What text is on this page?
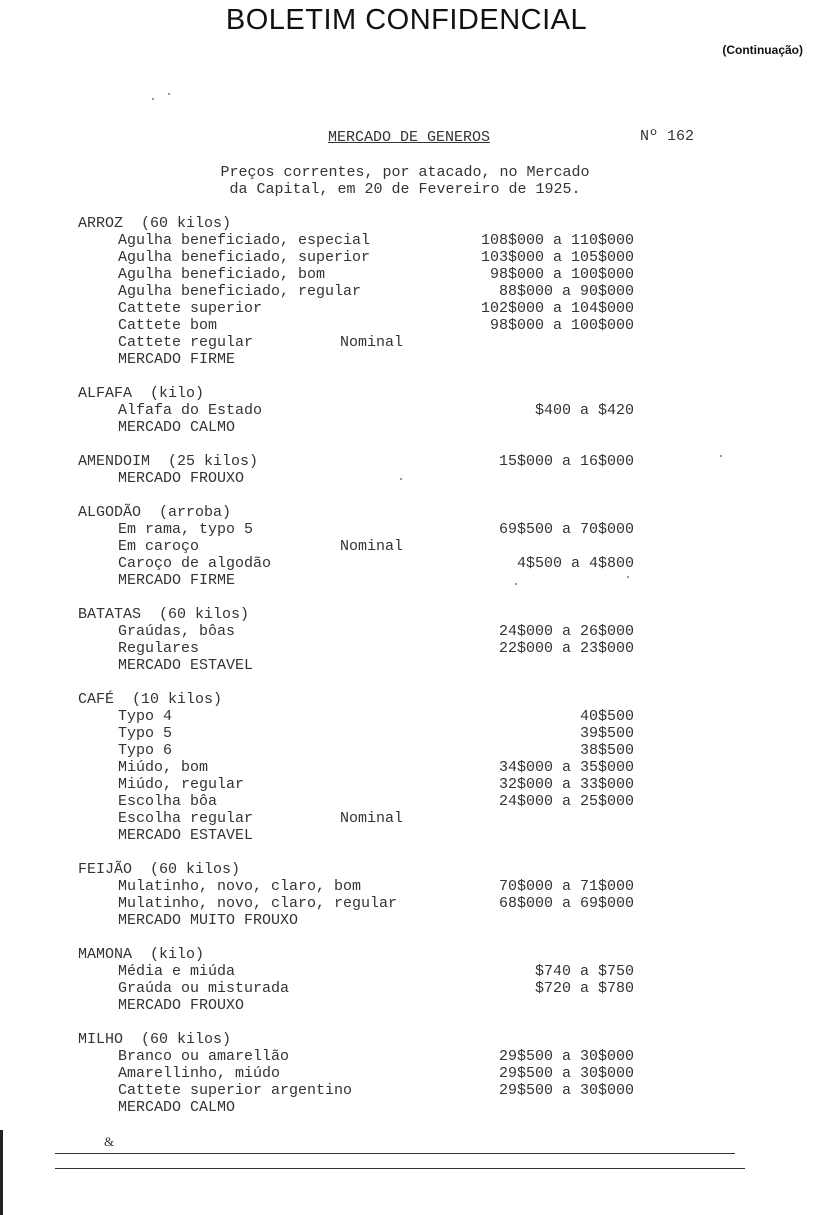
BOLETIM CONFIDENCIAL
(Continuação)
MERCADO DE GENEROS	Nº 162
Preços correntes, por atacado, no Mercado
da Capital, em 20 de Fevereiro de 1925.
ARROZ  (60 kilos)
Agulha beneficiado, especial	108$000 a 110$000
Agulha beneficiado, superior	103$000 a 105$000
Agulha beneficiado, bom	98$000 a 100$000
Agulha beneficiado, regular	88$000 a 90$000
Cattete superior	102$000 a 104$000
Cattete bom	98$000 a 100$000
Cattete regular	Nominal
MERCADO FIRME
ALFAFA  (kilo)
Alfafa do Estado	$400 a $420
MERCADO CALMO
AMENDOIM  (25 kilos)	15$000 a 16$000
MERCADO FROUXO
ALGODÃO  (arroba)
Em rama, typo 5	69$500 a 70$000
Em caroço	Nominal
Caroço de algodão	4$500 a 4$800
MERCADO FIRME
BATATAS  (60 kilos)
Graúdas, bôas	24$000 a 26$000
Regulares	22$000 a 23$000
MERCADO ESTAVEL
CAFÉ  (10 kilos)
Typo 4	40$500
Typo 5	39$500
Typo 6	38$500
Miúdo, bom	34$000 a 35$000
Miúdo, regular	32$000 a 33$000
Escolha bôa	24$000 a 25$000
Escolha regular	Nominal
MERCADO ESTAVEL
FEIJÃO  (60 kilos)
Mulatinho, novo, claro, bom	70$000 a 71$000
Mulatinho, novo, claro, regular	68$000 a 69$000
MERCADO MUITO FROUXO
MAMONA  (kilo)
Média e miúda	$740 a $750
Graúda ou misturada	$720 a $780
MERCADO FROUXO
MILHO  (60 kilos)
Branco ou amarellão	29$500 a 30$000
Amarellinho, miúdo	29$500 a 30$000
Cattete superior argentino	29$500 a 30$000
MERCADO CALMO
&
